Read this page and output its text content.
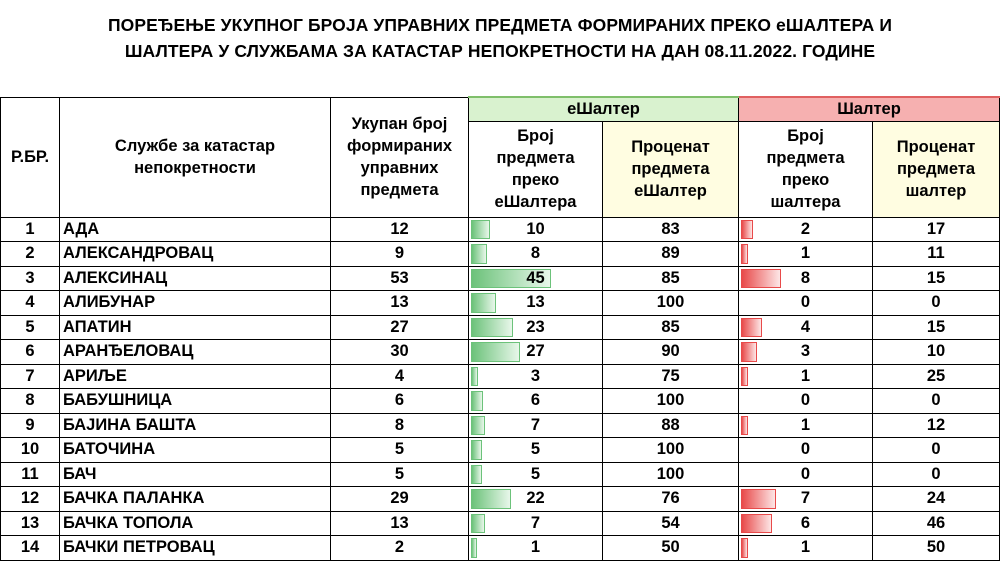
ПОРЕЂЕЊЕ УКУПНОГ БРОЈА УПРАВНИХ ПРЕДМЕТА ФОРМИРАНИХ ПРЕКО еШАЛТЕРА И
ШАЛТЕРА У СЛУЖБАМА ЗА КАТАСТАР НЕПОКРЕТНОСТИ НА ДАН 08.11.2022. ГОДИНЕ
Р.БР.	Службе за катастар непокретности	Укупан број формираних управних предмета	еШалтер		Шалтер	
			Број предмета преко еШалтера	Проценат предмета еШалтер	Број предмета преко шалтера	Проценат предмета шалтер
1	АДА	12	10	83	2	17
2	АЛЕКСАНДРОВАЦ	9	8	89	1	11
3	АЛЕКСИНАЦ	53	45	85	8	15
4	АЛИБУНАР	13	13	100	0	0
5	АПАТИН	27	23	85	4	15
6	АРАНЂЕЛОВАЦ	30	27	90	3	10
7	АРИЉЕ	4	3	75	1	25
8	БАБУШНИЦА	6	6	100	0	0
9	БАЈИНА БАШТА	8	7	88	1	12
10	БАТОЧИНА	5	5	100	0	0
11	БАЧ	5	5	100	0	0
12	БАЧКА ПАЛАНКА	29	22	76	7	24
13	БАЧКА ТОПОЛА	13	7	54	6	46
14	БАЧКИ ПЕТРОВАЦ	2	1	50	1	50
